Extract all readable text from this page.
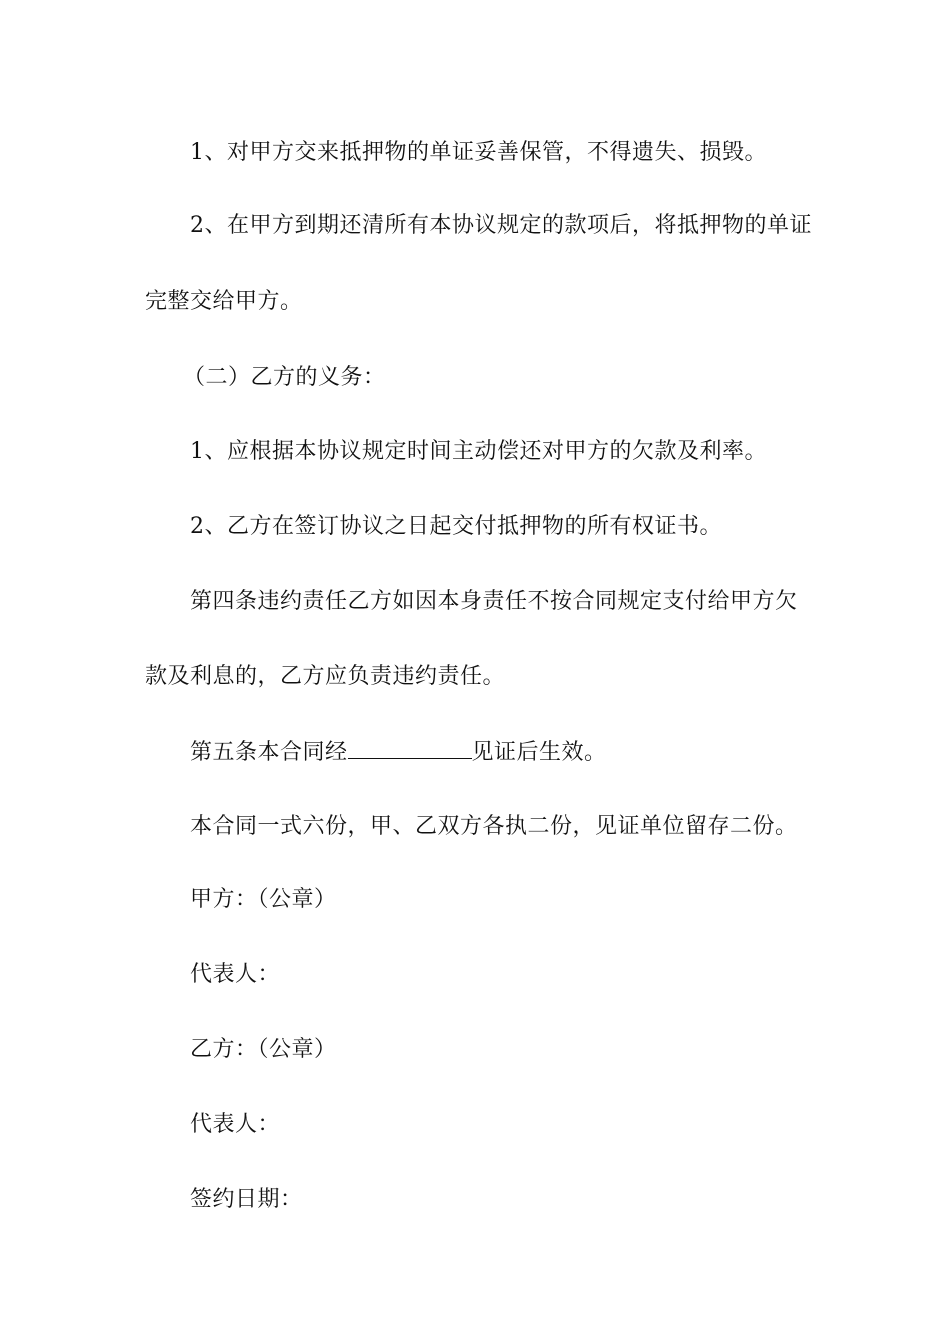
1、对甲方交来抵押物的单证妥善保管，不得遗失、损毁。
2、在甲方到期还清所有本协议规定的款项后，将抵押物的单证
完整交给甲方。
（二）乙方的义务：
1、应根据本协议规定时间主动偿还对甲方的欠款及利率。
2、乙方在签订协议之日起交付抵押物的所有权证书。
第四条违约责任乙方如因本身责任不按合同规定支付给甲方欠
款及利息的，乙方应负责违约责任。
第五条本合同经	见证后生效。
本合同一式六份，甲、乙双方各执二份，见证单位留存二份。
甲方：（公章）
代表人：
乙方：（公章）
代表人：
签约日期：
